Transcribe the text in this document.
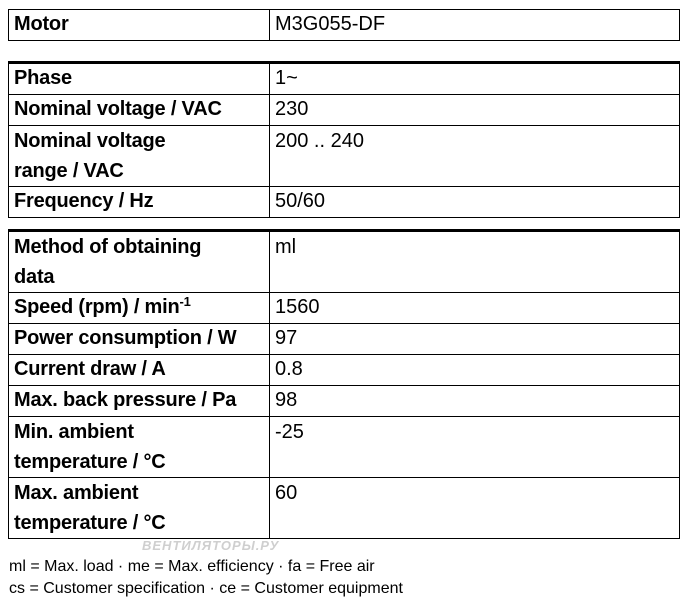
Motor	M3G055-DF
Phase	1~
Nominal voltage / VAC	230
Nominal voltage
range / VAC	200 .. 240
Frequency / Hz	50/60
Method of obtaining
data	ml
Speed $(rpm) / \min^{-1}$	1560
Power consumption / W	97
Current draw / A	0.8
Max. back pressure / Pa	98
Min. ambient
temperature / °C	-25
Max. ambient
temperature / °C	60
ВЕНТИЛЯТОРЫ.РУ
ml = Max. load · me = Max. efficiency · fa = Free air
cs = Customer specification · ce = Customer equipment
